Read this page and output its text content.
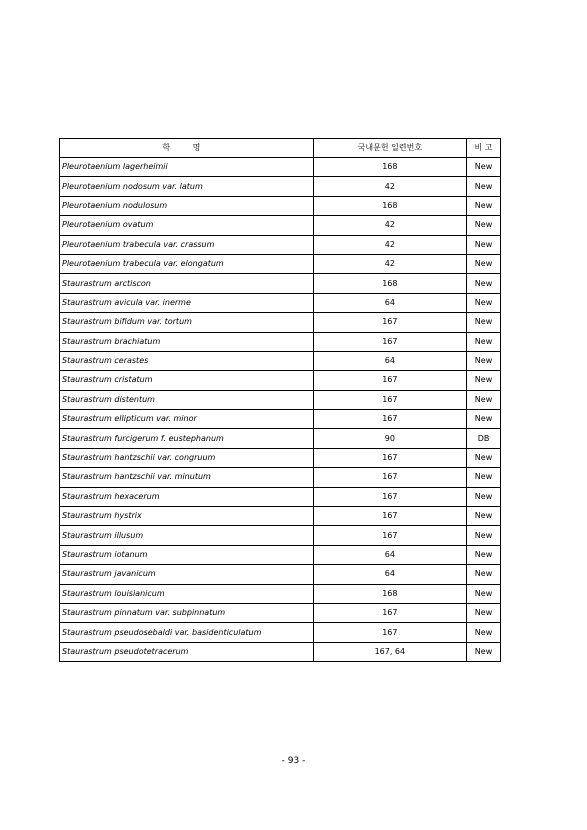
학 명	국내문헌 일련번호	비 고
Pleurotaenium lagerheimii	168	New
Pleurotaenium nodosum var. latum	42	New
Pleurotaenium nodulosum	168	New
Pleurotaenium ovatum	42	New
Pleurotaenium trabecula var. crassum	42	New
Pleurotaenium trabecula var. elongatum	42	New
Staurastrum arctiscon	168	New
Staurastrum avicula var. inerme	64	New
Staurastrum bifidum var. tortum	167	New
Staurastrum brachiatum	167	New
Staurastrum cerastes	64	New
Staurastrum cristatum	167	New
Staurastrum distentum	167	New
Staurastrum ellipticum var. minor	167	New
Staurastrum furcigerum f. eustephanum	90	DB
Staurastrum hantzschii var. congruum	167	New
Staurastrum hantzschii var. minutum	167	New
Staurastrum hexacerum	167	New
Staurastrum hystrix	167	New
Staurastrum illusum	167	New
Staurastrum iotanum	64	New
Staurastrum javanicum	64	New
Staurastrum louisianicum	168	New
Staurastrum pinnatum var. subpinnatum	167	New
Staurastrum pseudosebaldi var. basidenticulatum	167	New
Staurastrum pseudotetracerum	167, 64	New
- 93 -
